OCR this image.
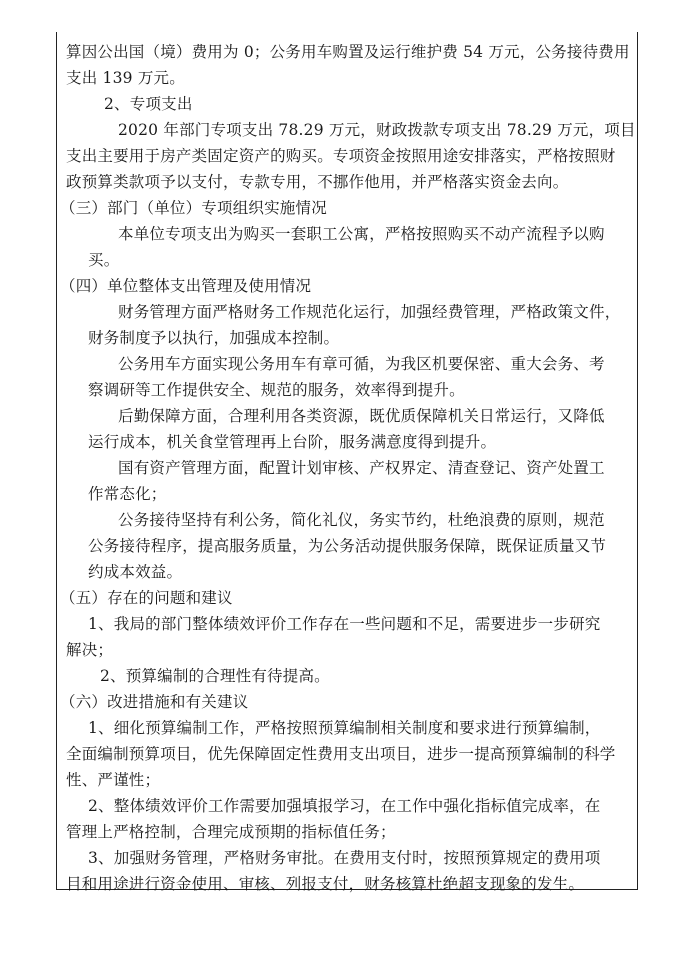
算因公出国（境）费用为 0；公务用车购置及运行维护费 54 万元，公务接待费用
支出 139 万元。
2、专项支出
2020 年部门专项支出 78.29 万元，财政拨款专项支出 78.29 万元，项目
支出主要用于房产类固定资产的购买。专项资金按照用途安排落实，严格按照财
政预算类款项予以支付，专款专用，不挪作他用，并严格落实资金去向。
（三）部门（单位）专项组织实施情况
本单位专项支出为购买一套职工公寓，严格按照购买不动产流程予以购
买。
（四）单位整体支出管理及使用情况
财务管理方面严格财务工作规范化运行，加强经费管理，严格政策文件，
财务制度予以执行，加强成本控制。
公务用车方面实现公务用车有章可循，为我区机要保密、重大会务、考
察调研等工作提供安全、规范的服务，效率得到提升。
后勤保障方面，合理利用各类资源，既优质保障机关日常运行，又降低
运行成本，机关食堂管理再上台阶，服务满意度得到提升。
国有资产管理方面，配置计划审核、产权界定、清查登记、资产处置工
作常态化；
公务接待坚持有利公务，简化礼仪，务实节约，杜绝浪费的原则，规范
公务接待程序，提高服务质量，为公务活动提供服务保障，既保证质量又节
约成本效益。
（五）存在的问题和建议
1、我局的部门整体绩效评价工作存在一些问题和不足，需要进步一步研究
解决；
2、预算编制的合理性有待提高。
（六）改进措施和有关建议
1、细化预算编制工作，严格按照预算编制相关制度和要求进行预算编制，
全面编制预算项目，优先保障固定性费用支出项目，进步一提高预算编制的科学
性、严谨性；
2、整体绩效评价工作需要加强填报学习，在工作中强化指标值完成率，在
管理上严格控制，合理完成预期的指标值任务；
3、加强财务管理，严格财务审批。在费用支付时，按照预算规定的费用项
目和用途进行资金使用、审核、列报支付，财务核算杜绝超支现象的发生。
